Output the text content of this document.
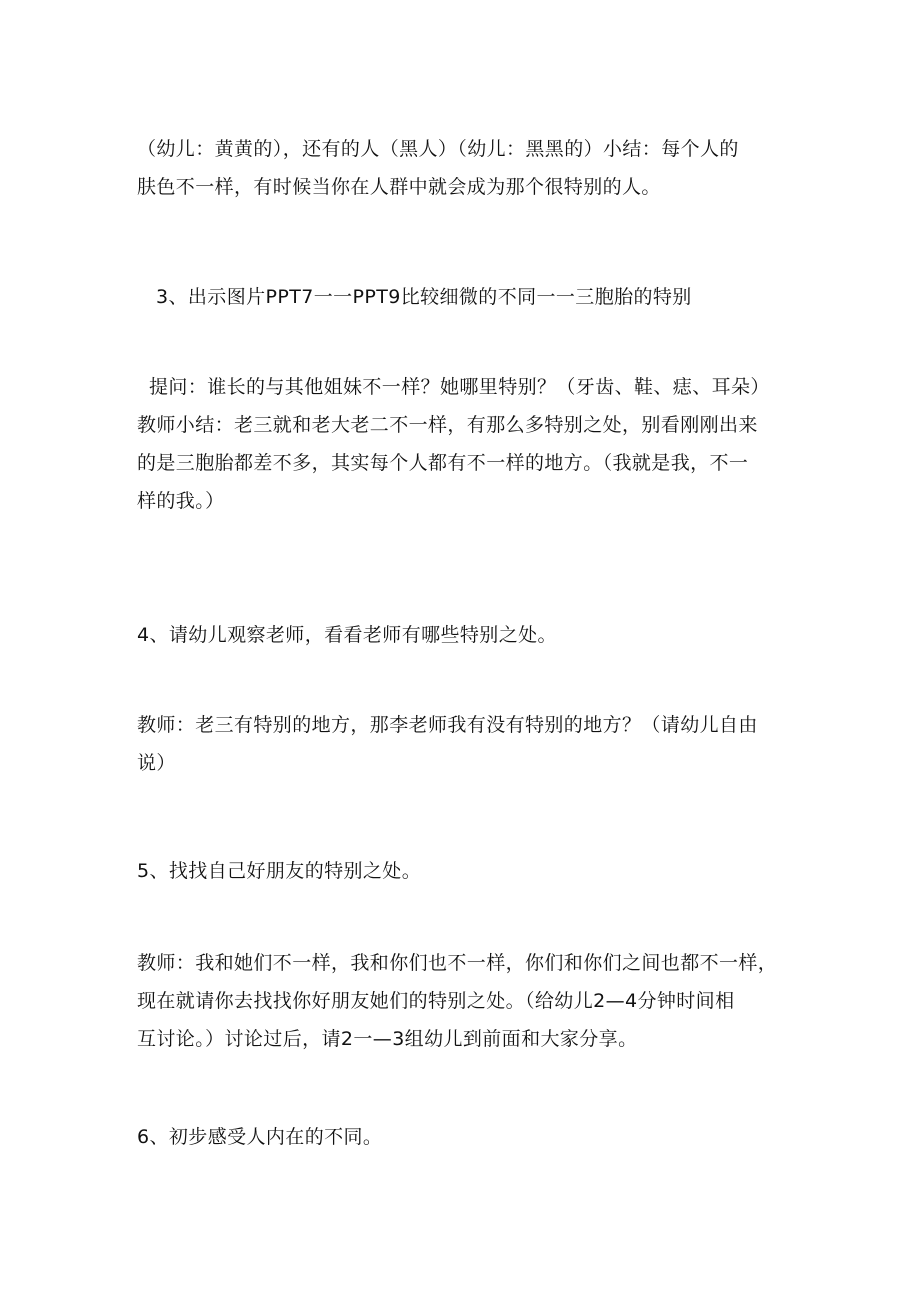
（幼儿：黄黄的），还有的人（黑人）（幼儿：黑黑的）小结：每个人的
肤色不一样，有时候当你在人群中就会成为那个很特别的人。

3、出示图片PPT7一一PPT9比较细微的不同一一三胞胎的特别

提问：谁长的与其他姐妹不一样？她哪里特别？（牙齿、鞋、痣、耳朵）
教师小结：老三就和老大老二不一样，有那么多特别之处，别看刚刚出来
的是三胞胎都差不多，其实每个人都有不一样的地方。（我就是我，不一
样的我。）

4、请幼儿观察老师，看看老师有哪些特别之处。

教师：老三有特别的地方，那李老师我有没有特别的地方？（请幼儿自由
说）

5、找找自己好朋友的特别之处。

教师：我和她们不一样，我和你们也不一样，你们和你们之间也都不一样，
现在就请你去找找你好朋友她们的特别之处。（给幼儿2—4分钟时间相
互讨论。）讨论过后，请2一—3组幼儿到前面和大家分享。

6、初步感受人内在的不同。
